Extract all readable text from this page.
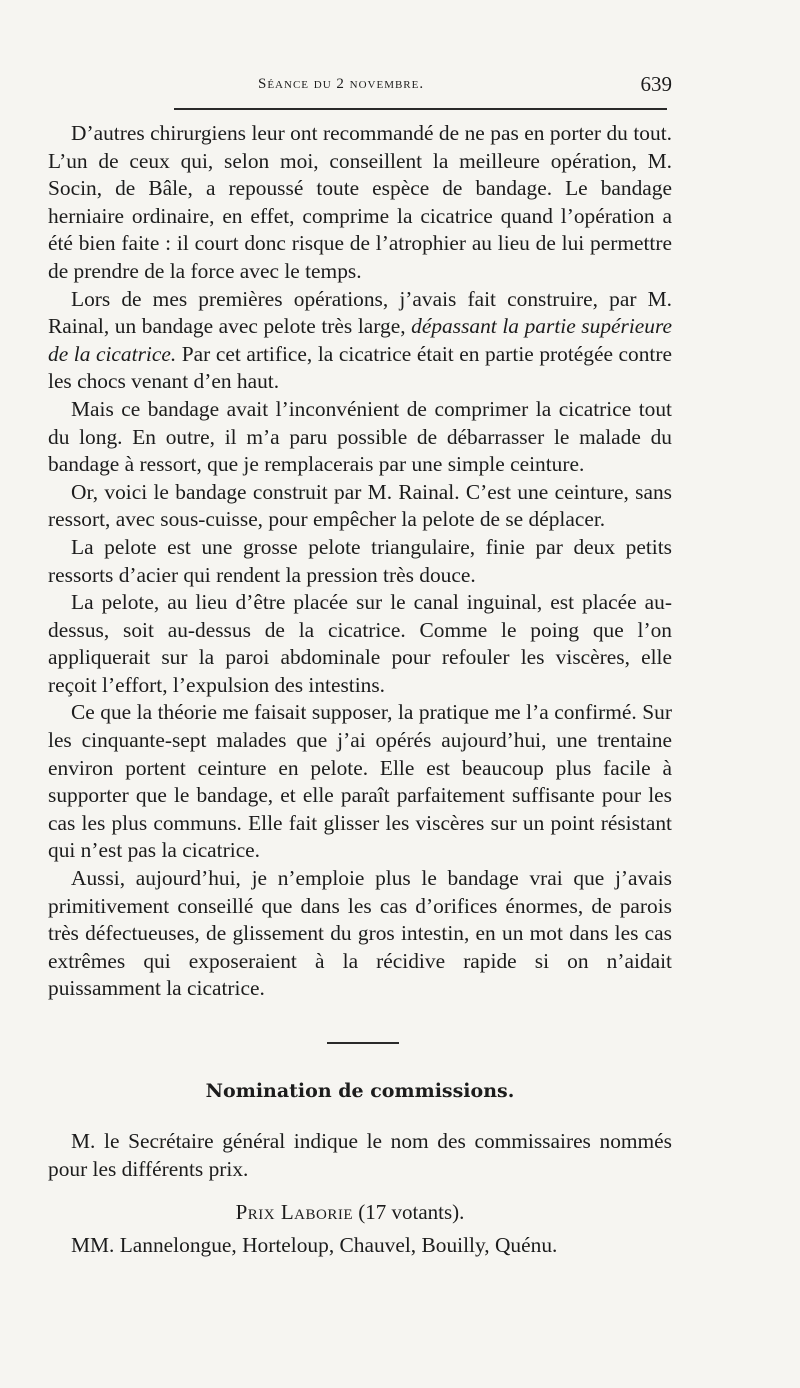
Séance du 2 novembre.	639

D’autres chirurgiens leur ont recommandé de ne pas en porter du tout. L’un de ceux qui, selon moi, conseillent la meilleure opération, M. Socin, de Bâle, a repoussé toute espèce de bandage. Le bandage herniaire ordinaire, en effet, comprime la cicatrice quand l’opération a été bien faite : il court donc risque de l’atrophier au lieu de lui permettre de prendre de la force avec le temps.

Lors de mes premières opérations, j’avais fait construire, par M. Rainal, un bandage avec pelote très large, dépassant la partie supérieure de la cicatrice. Par cet artifice, la cicatrice était en partie protégée contre les chocs venant d’en haut.

Mais ce bandage avait l’inconvénient de comprimer la cicatrice tout du long. En outre, il m’a paru possible de débarrasser le malade du bandage à ressort, que je remplacerais par une simple ceinture.

Or, voici le bandage construit par M. Rainal. C’est une ceinture, sans ressort, avec sous-cuisse, pour empêcher la pelote de se déplacer.

La pelote est une grosse pelote triangulaire, finie par deux petits ressorts d’acier qui rendent la pression très douce.

La pelote, au lieu d’être placée sur le canal inguinal, est placée au-dessus, soit au-dessus de la cicatrice. Comme le poing que l’on appliquerait sur la paroi abdominale pour refouler les viscères, elle reçoit l’effort, l’expulsion des intestins.

Ce que la théorie me faisait supposer, la pratique me l’a confirmé. Sur les cinquante-sept malades que j’ai opérés aujourd’hui, une trentaine environ portent ceinture en pelote. Elle est beaucoup plus facile à supporter que le bandage, et elle paraît parfaitement suffisante pour les cas les plus communs. Elle fait glisser les viscères sur un point résistant qui n’est pas la cicatrice.

Aussi, aujourd’hui, je n’emploie plus le bandage vrai que j’avais primitivement conseillé que dans les cas d’orifices énormes, de parois très défectueuses, de glissement du gros intestin, en un mot dans les cas extrêmes qui exposeraient à la récidive rapide si on n’aidait puissamment la cicatrice.

Nomination de commissions.

M. le Secrétaire général indique le nom des commissaires nommés pour les différents prix.

Prix Laborie (17 votants).
MM. Lannelongue, Horteloup, Chauvel, Bouilly, Quénu.
